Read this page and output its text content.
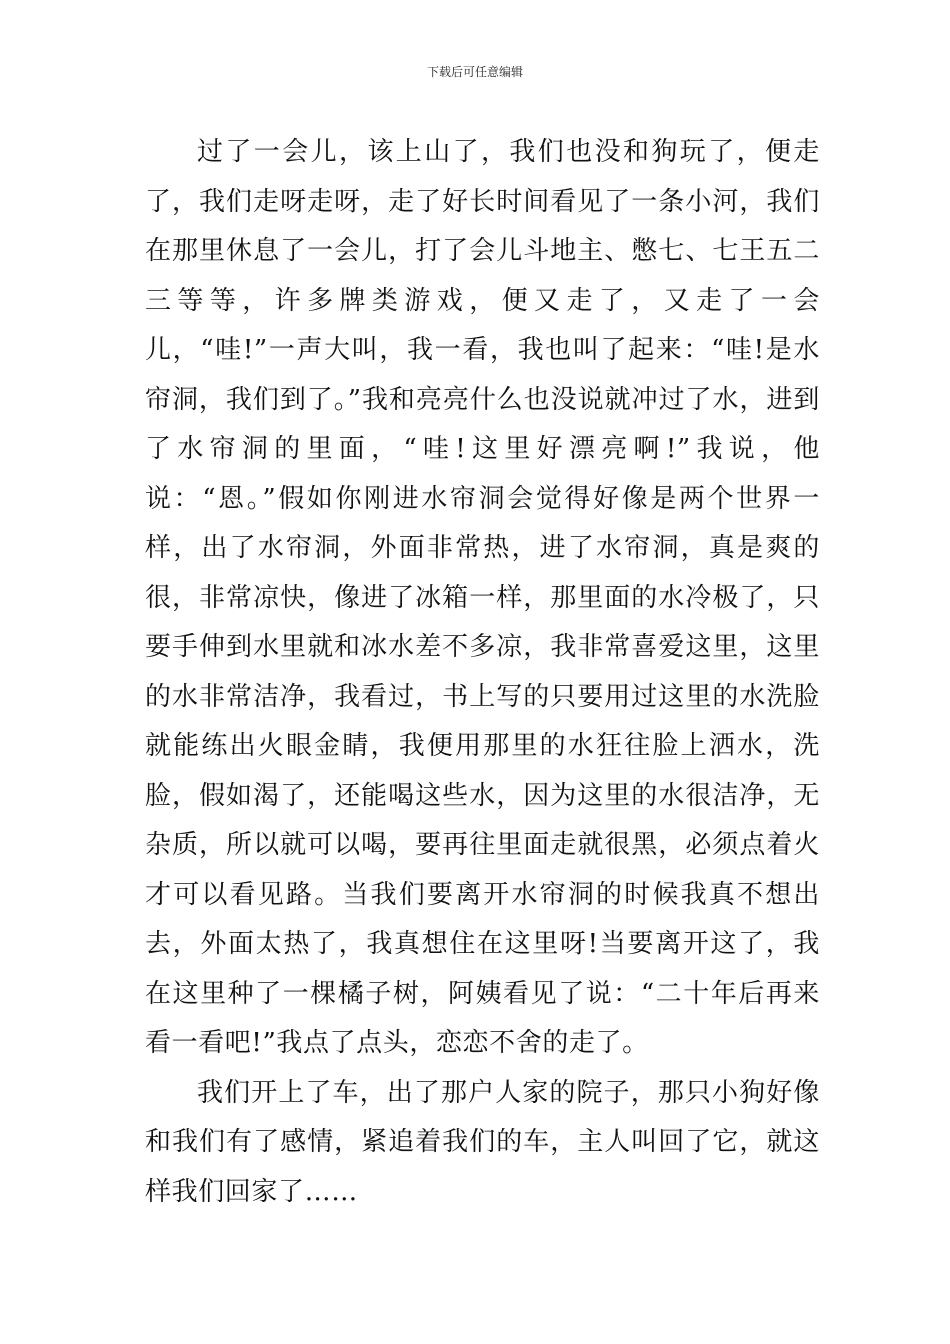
下载后可任意编辑

过了一会儿，该上山了，我们也没和狗玩了，便走了，我们走呀走呀，走了好长时间看见了一条小河，我们在那里休息了一会儿，打了会儿斗地主、憋七、七王五二三等等，许多牌类游戏，便又走了，又走了一会儿，“哇!”一声大叫，我一看，我也叫了起来：“哇!是水帘洞，我们到了。”我和亮亮什么也没说就冲过了水，进到了水帘洞的里面，“哇!这里好漂亮啊!”我说，他说：“恩。”假如你刚进水帘洞会觉得好像是两个世界一样，出了水帘洞，外面非常热，进了水帘洞，真是爽的很，非常凉快，像进了冰箱一样，那里面的水冷极了，只要手伸到水里就和冰水差不多凉，我非常喜爱这里，这里的水非常洁净，我看过，书上写的只要用过这里的水洗脸就能练出火眼金睛，我便用那里的水狂往脸上洒水，洗脸，假如渴了，还能喝这些水，因为这里的水很洁净，无杂质，所以就可以喝，要再往里面走就很黑，必须点着火才可以看见路。当我们要离开水帘洞的时候我真不想出去，外面太热了，我真想住在这里呀!当要离开这了，我在这里种了一棵橘子树，阿姨看见了说：“二十年后再来看一看吧!”我点了点头，恋恋不舍的走了。

我们开上了车，出了那户人家的院子，那只小狗好像和我们有了感情，紧追着我们的车，主人叫回了它，就这样我们回家了……
